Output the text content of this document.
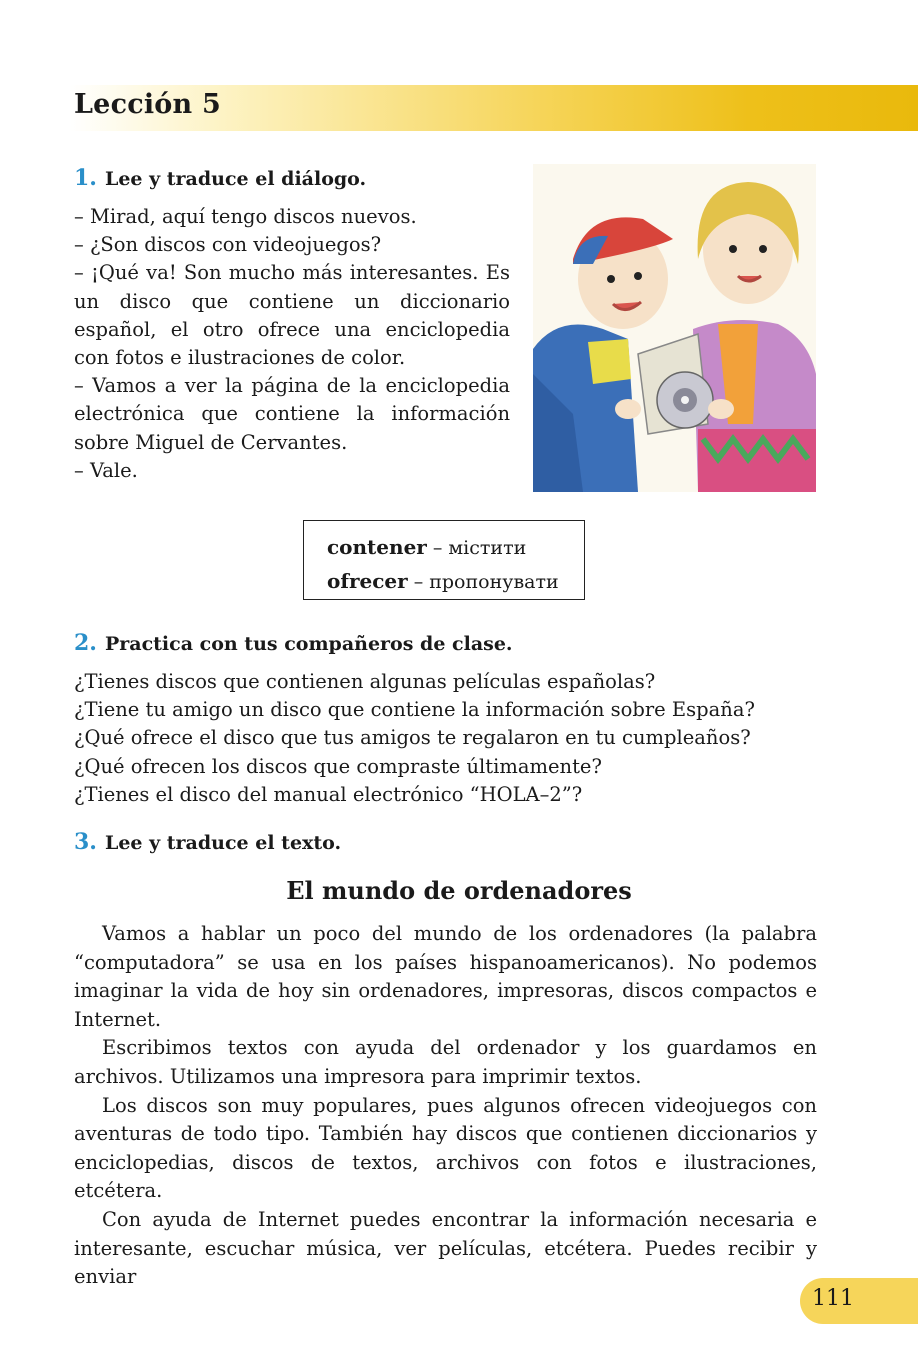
Lección 5
1. Lee y traduce el diálogo.

– Mirad, aquí tengo discos nuevos.

– ¿Son discos con videojuegos?

– ¡Qué va! Son mucho más interesantes. Es un disco que contiene un diccionario español, el otro ofrece una enciclopedia con fotos e ilustraciones de color.

– Vamos a ver la página de la enciclopedia electrónica que contiene la información sobre Miguel de Cervantes.

– Vale.

contener – містити
ofrecer – пропонувати
2. Practica con tus compañeros de clase.
¿Tienes discos que contienen algunas películas españolas?
¿Tiene tu amigo un disco que contiene la información sobre España?
¿Qué ofrece el disco que tus amigos te regalaron en tu cumpleaños?
¿Qué ofrecen los discos que compraste últimamente?
¿Tienes el disco del manual electrónico “HOLA–2”?
3. Lee y traduce el texto.
El mundo de ordenadores

Vamos a hablar un poco del mundo de los ordenadores (la palabra “computadora” se usa en los países hispanoamericanos). No podemos imaginar la vida de hoy sin ordenadores, impresoras, discos compactos e Internet.

Escribimos textos con ayuda del ordenador y los guardamos en archivos. Utilizamos una impresora para imprimir textos.

Los discos son muy populares, pues algunos ofrecen videojuegos con aventuras de todo tipo. También hay discos que contienen diccionarios y enciclopedias, discos de textos, archivos con fotos e ilustraciones, etcétera.

Con ayuda de Internet puedes encontrar la información necesaria e interesante, escuchar música, ver películas, etcétera. Puedes recibir y enviar

111
